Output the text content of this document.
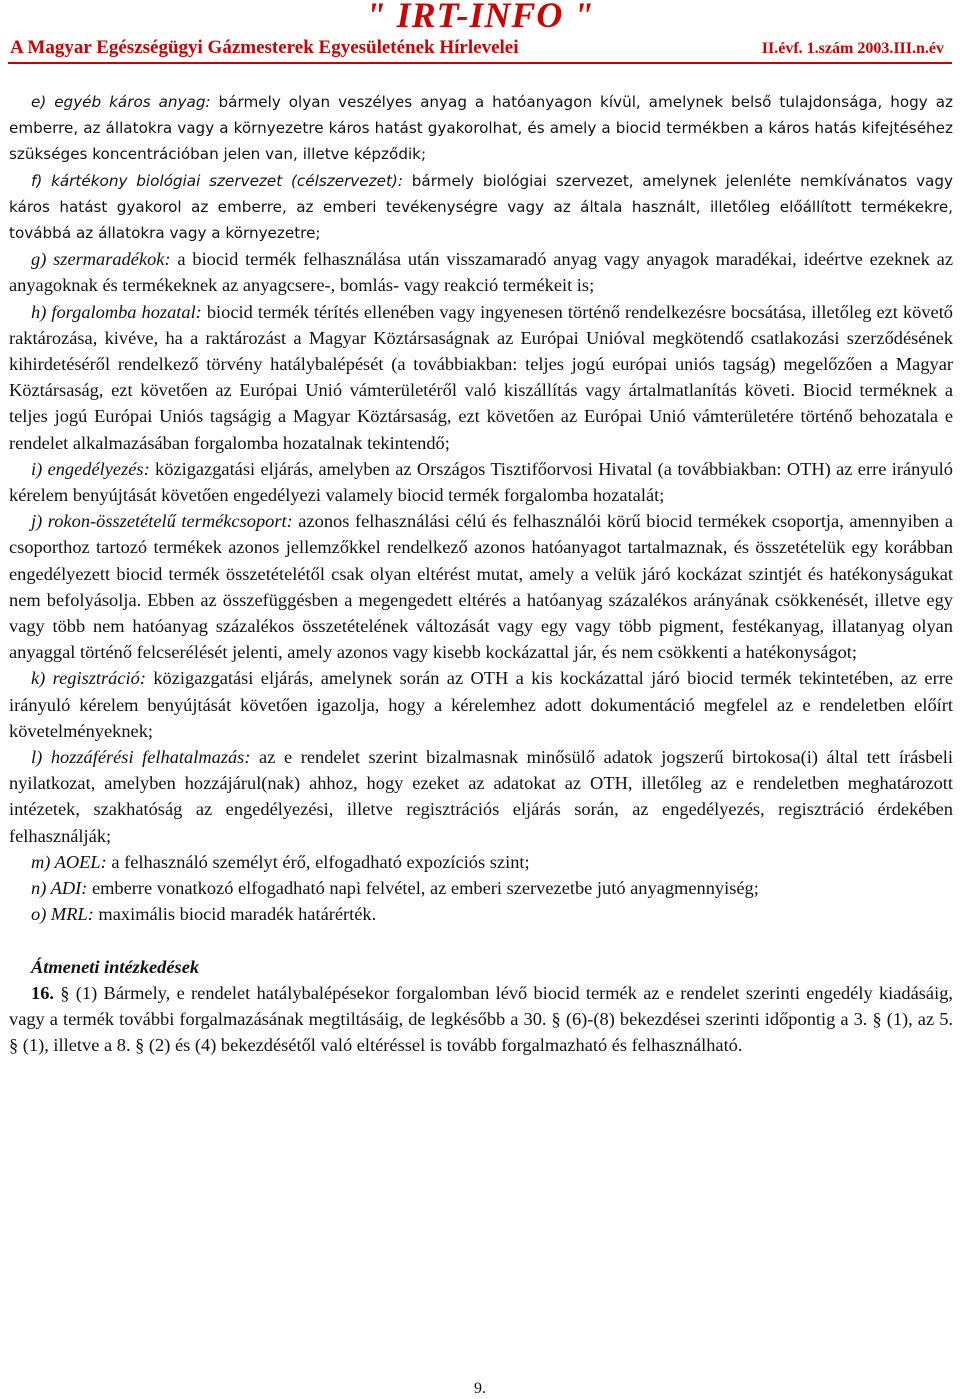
" IRT-INFO "
A Magyar Egészségügyi Gázmesterek Egyesületének Hírlevelei	II.évf. 1.szám 2003.III.n.év

e) egyéb káros anyag: bármely olyan veszélyes anyag a hatóanyagon kívül, amelynek belső tulajdonsága, hogy az emberre, az állatokra vagy a környezetre káros hatást gyakorolhat, és amely a biocid termékben a káros hatás kifejtéséhez szükséges koncentrációban jelen van, illetve képződik;

f) kártékony biológiai szervezet (célszervezet): bármely biológiai szervezet, amelynek jelenléte nemkívánatos vagy káros hatást gyakorol az emberre, az emberi tevékenységre vagy az általa használt, illetőleg előállított termékekre, továbbá az állatokra vagy a környezetre;

g) szermaradékok: a biocid termék felhasználása után visszamaradó anyag vagy anyagok maradékai, ideértve ezeknek az anyagoknak és termékeknek az anyagcsere-, bomlás- vagy reakció termékeit is;

h) forgalomba hozatal: biocid termék térítés ellenében vagy ingyenesen történő rendelkezésre bocsátása, illetőleg ezt követő raktározása, kivéve, ha a raktározást a Magyar Köztársaságnak az Európai Unióval megkötendő csatlakozási szerződésének kihirdetéséről rendelkező törvény hatálybalépését (a továbbiakban: teljes jogú európai uniós tagság) megelőzően a Magyar Köztársaság, ezt követően az Európai Unió vámterületéről való kiszállítás vagy ártalmatlanítás követi. Biocid terméknek a teljes jogú Európai Uniós tagságig a Magyar Köztársaság, ezt követően az Európai Unió vámterületére történő behozatala e rendelet alkalmazásában forgalomba hozatalnak tekintendő;

i) engedélyezés: közigazgatási eljárás, amelyben az Országos Tisztifőorvosi Hivatal (a továbbiakban: OTH) az erre irányuló kérelem benyújtását követően engedélyezi valamely biocid termék forgalomba hozatalát;

j) rokon-összetételű termékcsoport: azonos felhasználási célú és felhasználói körű biocid termékek csoportja, amennyiben a csoporthoz tartozó termékek azonos jellemzőkkel rendelkező azonos hatóanyagot tartalmaznak, és összetételük egy korábban engedélyezett biocid termék összetételétől csak olyan eltérést mutat, amely a velük járó kockázat szintjét és hatékonyságukat nem befolyásolja. Ebben az összefüggésben a megengedett eltérés a hatóanyag százalékos arányának csökkenését, illetve egy vagy több nem hatóanyag százalékos összetételének változását vagy egy vagy több pigment, festékanyag, illatanyag olyan anyaggal történő felcserélését jelenti, amely azonos vagy kisebb kockázattal jár, és nem csökkenti a hatékonyságot;

k) regisztráció: közigazgatási eljárás, amelynek során az OTH a kis kockázattal járó biocid termék tekintetében, az erre irányuló kérelem benyújtását követően igazolja, hogy a kérelemhez adott dokumentáció megfelel az e rendeletben előírt követelményeknek;

l) hozzáférési felhatalmazás: az e rendelet szerint bizalmasnak minősülő adatok jogszerű birtokosa(i) által tett írásbeli nyilatkozat, amelyben hozzájárul(nak) ahhoz, hogy ezeket az adatokat az OTH, illetőleg az e rendeletben meghatározott intézetek, szakhatóság az engedélyezési, illetve regisztrációs eljárás során, az engedélyezés, regisztráció érdekében felhasználják;

m) AOEL: a felhasználó személyt érő, elfogadható expozíciós szint;

n) ADI: emberre vonatkozó elfogadható napi felvétel, az emberi szervezetbe jutó anyagmennyiség;

o) MRL: maximális biocid maradék határérték.

Átmeneti intézkedések

16. § (1) Bármely, e rendelet hatálybalépésekor forgalomban lévő biocid termék az e rendelet szerinti engedély kiadásáig, vagy a termék további forgalmazásának megtiltásáig, de legkésőbb a 30. § (6)-(8) bekezdései szerinti időpontig a 3. § (1), az 5. § (1), illetve a 8. § (2) és (4) bekezdésétől való eltéréssel is tovább forgalmazható és felhasználható.

9.
